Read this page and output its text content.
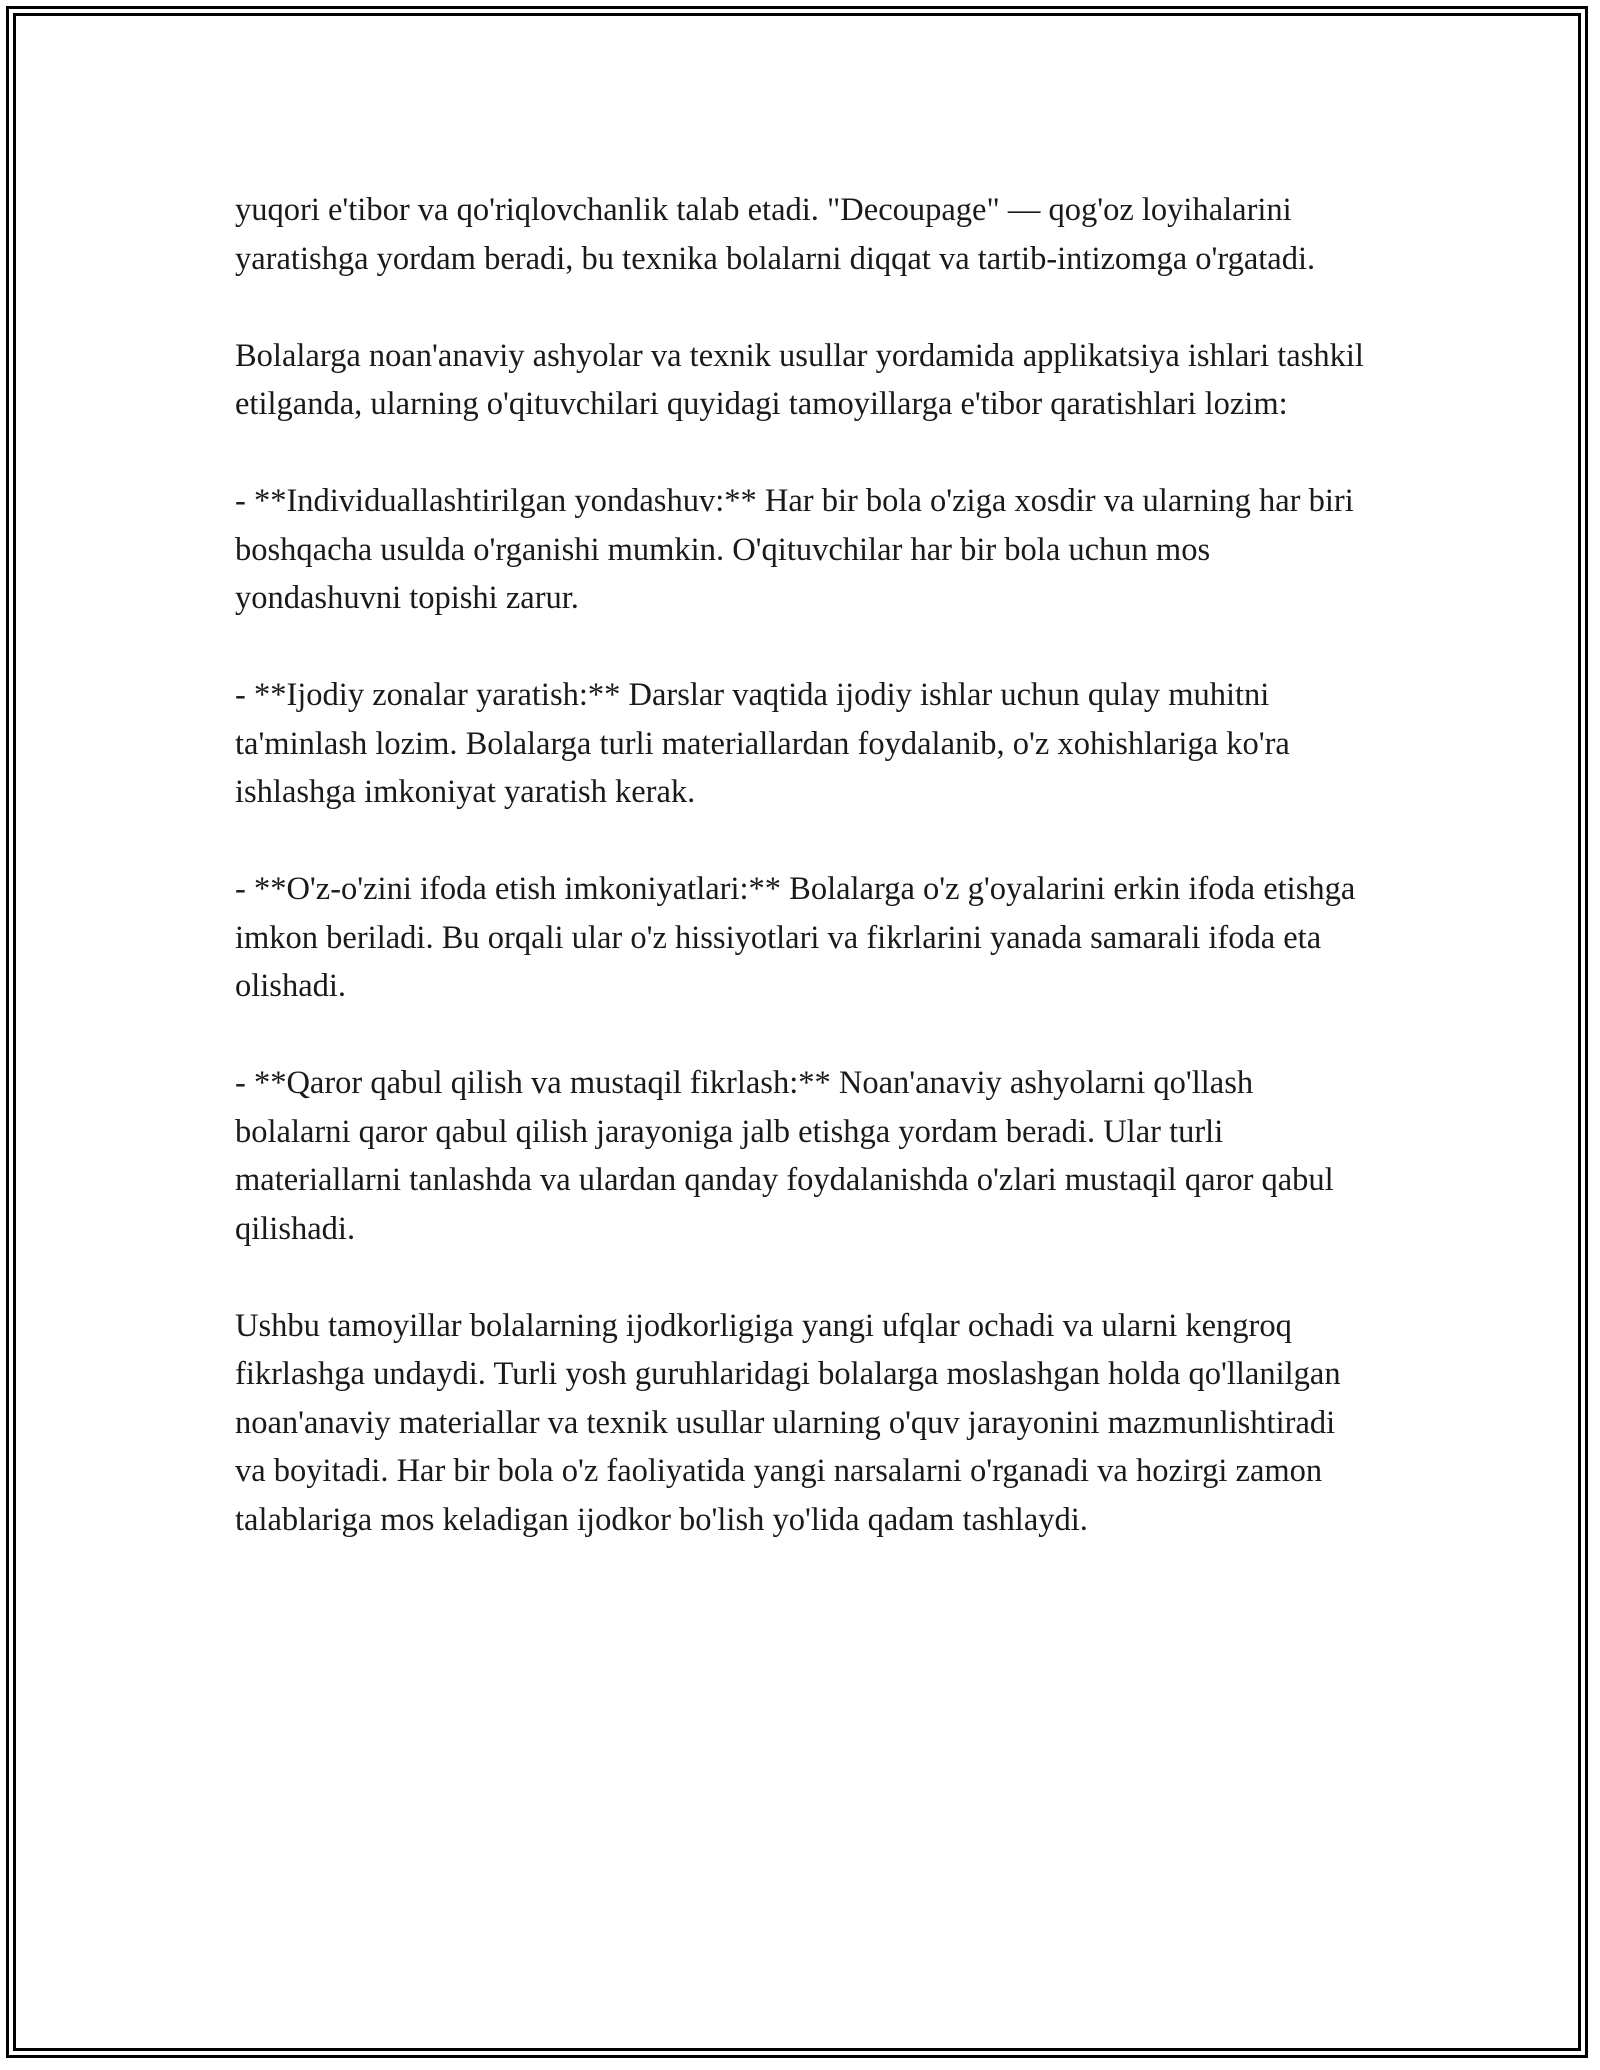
yuqori e'tibor va qo'riqlovchanlik talab etadi. "Decoupage" — qog'oz loyihalarini yaratishga yordam beradi, bu texnika bolalarni diqqat va tartib-intizomga o'rgatadi.

Bolalarga noan'anaviy ashyolar va texnik usullar yordamida applikatsiya ishlari tashkil etilganda, ularning o'qituvchilari quyidagi tamoyillarga e'tibor qaratishlari lozim:

- **Individuallashtirilgan yondashuv:** Har bir bola o'ziga xosdir va ularning har biri boshqacha usulda o'rganishi mumkin. O'qituvchilar har bir bola uchun mos yondashuvni topishi zarur.

- **Ijodiy zonalar yaratish:** Darslar vaqtida ijodiy ishlar uchun qulay muhitni ta'minlash lozim. Bolalarga turli materiallardan foydalanib, o'z xohishlariga ko'ra ishlashga imkoniyat yaratish kerak.

- **O'z-o'zini ifoda etish imkoniyatlari:** Bolalarga o'z g'oyalarini erkin ifoda etishga imkon beriladi. Bu orqali ular o'z hissiyotlari va fikrlarini yanada samarali ifoda eta olishadi.

- **Qaror qabul qilish va mustaqil fikrlash:** Noan'anaviy ashyolarni qo'llash bolalarni qaror qabul qilish jarayoniga jalb etishga yordam beradi. Ular turli materiallarni tanlashda va ulardan qanday foydalanishda o'zlari mustaqil qaror qabul qilishadi.

Ushbu tamoyillar bolalarning ijodkorligiga yangi ufqlar ochadi va ularni kengroq fikrlashga undaydi. Turli yosh guruhlaridagi bolalarga moslashgan holda qo'llanilgan noan'anaviy materiallar va texnik usullar ularning o'quv jarayonini mazmunlishtiradi va boyitadi. Har bir bola o'z faoliyatida yangi narsalarni o'rganadi va hozirgi zamon talablariga mos keladigan ijodkor bo'lish yo'lida qadam tashlaydi.
